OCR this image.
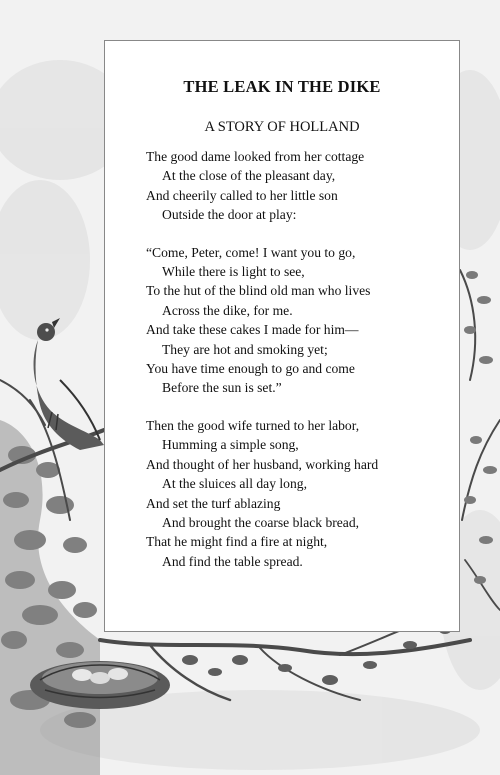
THE LEAK IN THE DIKE
A STORY OF HOLLAND
The good dame looked from her cottage
At the close of the pleasant day,
And cheerily called to her little son
Outside the door at play:
“Come, Peter, come! I want you to go,
While there is light to see,
To the hut of the blind old man who lives
Across the dike, for me.
And take these cakes I made for him—
They are hot and smoking yet;
You have time enough to go and come
Before the sun is set.”
Then the good wife turned to her labor,
Humming a simple song,
And thought of her husband, working hard
At the sluices all day long,
And set the turf ablazing
And brought the coarse black bread,
That he might find a fire at night,
And find the table spread.
